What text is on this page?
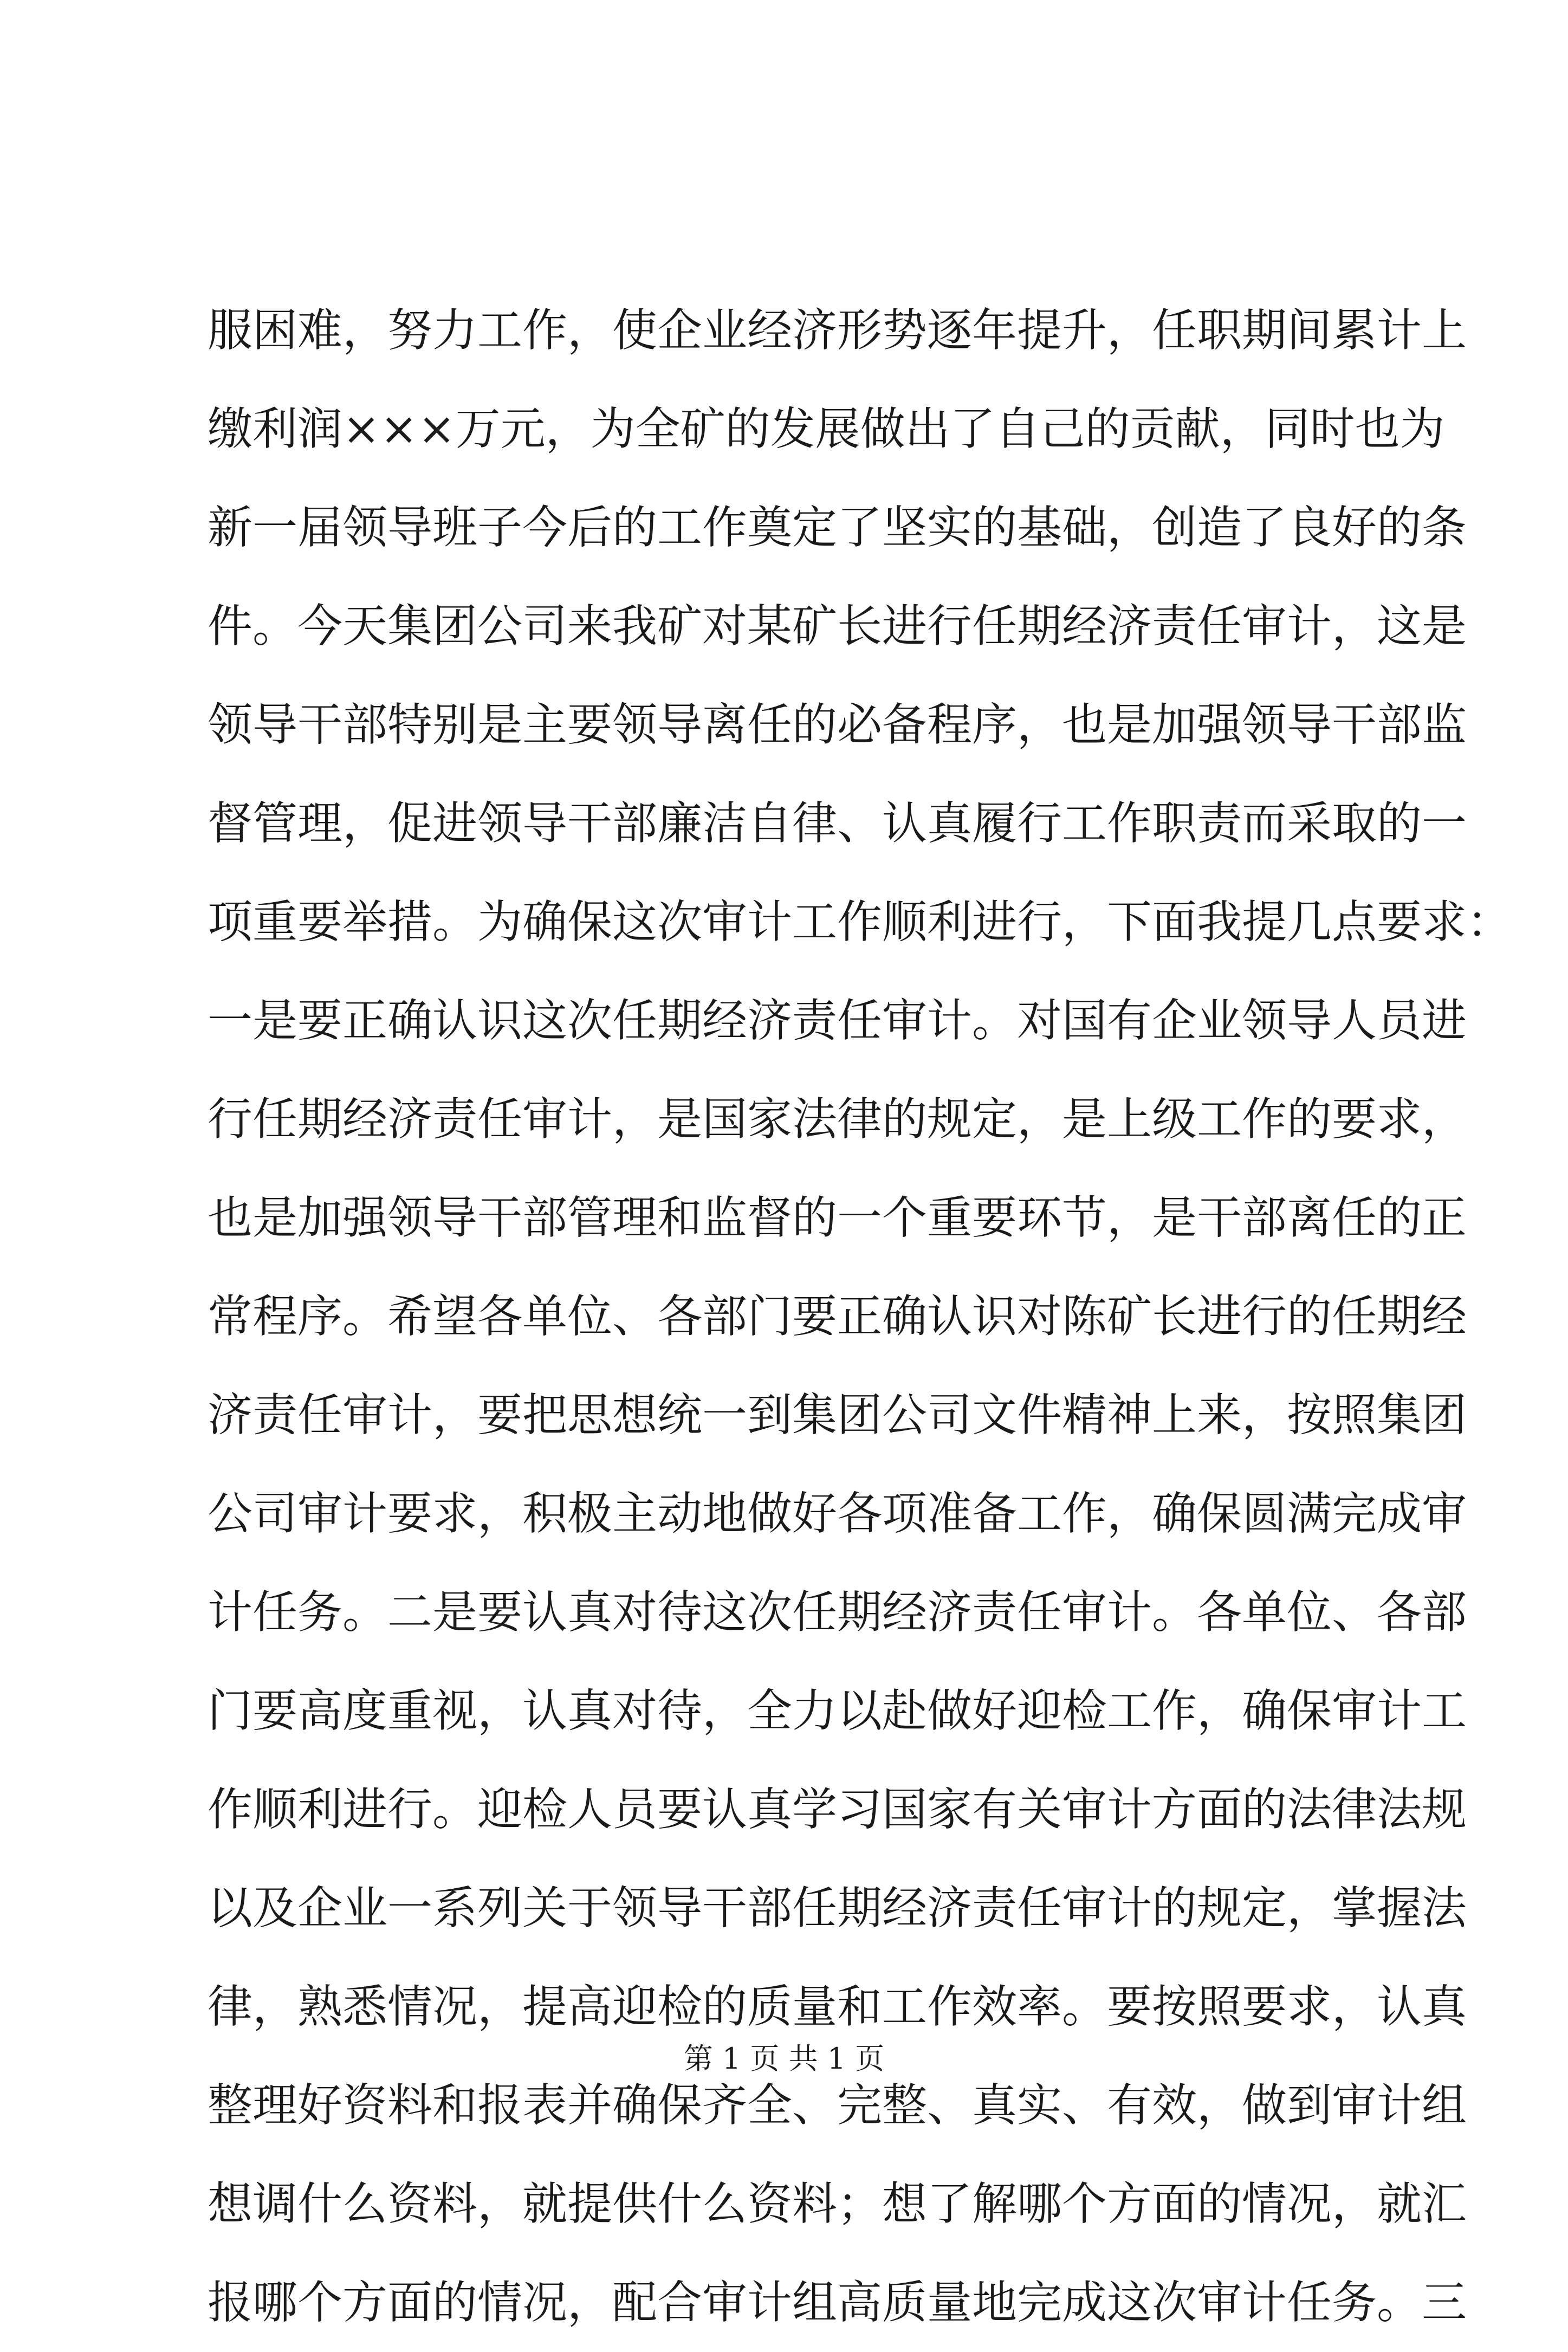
服困难，努力工作，使企业经济形势逐年提升，任职期间累计上
缴利润×××万元，为全矿的发展做出了自己的贡献，同时也为
新一届领导班子今后的工作奠定了坚实的基础，创造了良好的条
件。今天集团公司来我矿对某矿长进行任期经济责任审计，这是
领导干部特别是主要领导离任的必备程序，也是加强领导干部监
督管理，促进领导干部廉洁自律、认真履行工作职责而采取的一
项重要举措。为确保这次审计工作顺利进行，下面我提几点要求：
一是要正确认识这次任期经济责任审计。对国有企业领导人员进
行任期经济责任审计，是国家法律的规定，是上级工作的要求，
也是加强领导干部管理和监督的一个重要环节，是干部离任的正
常程序。希望各单位、各部门要正确认识对陈矿长进行的任期经
济责任审计，要把思想统一到集团公司文件精神上来，按照集团
公司审计要求，积极主动地做好各项准备工作，确保圆满完成审
计任务。二是要认真对待这次任期经济责任审计。各单位、各部
门要高度重视，认真对待，全力以赴做好迎检工作，确保审计工
作顺利进行。迎检人员要认真学习国家有关审计方面的法律法规
以及企业一系列关于领导干部任期经济责任审计的规定，掌握法
律，熟悉情况，提高迎检的质量和工作效率。要按照要求，认真
整理好资料和报表并确保齐全、完整、真实、有效，做到审计组
想调什么资料，就提供什么资料；想了解哪个方面的情况，就汇
报哪个方面的情况，配合审计组高质量地完成这次审计任务。三
第 1 页 共 1 页
